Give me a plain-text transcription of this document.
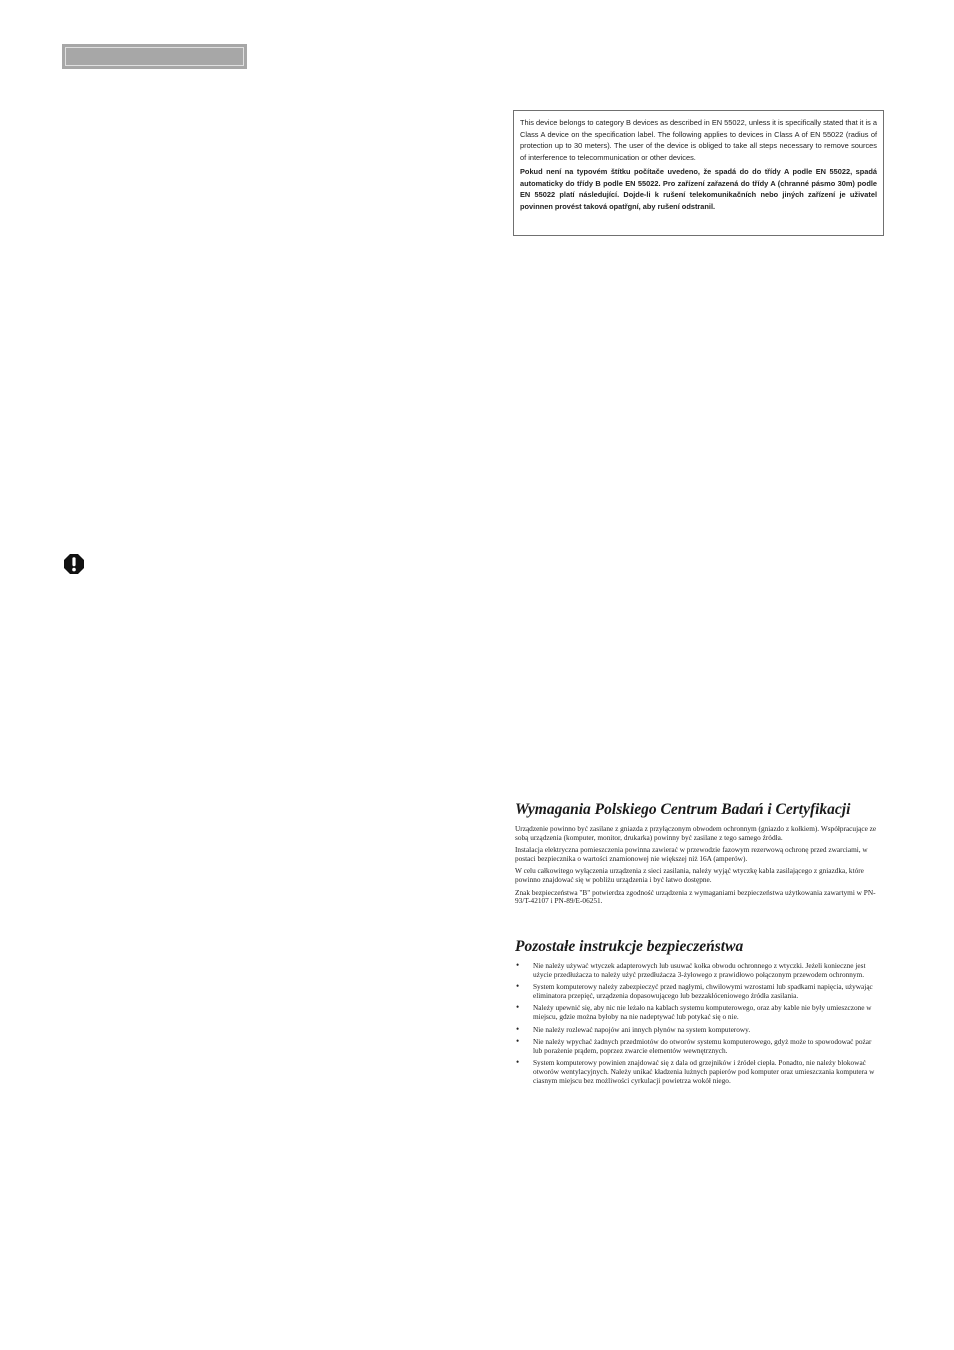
This device belongs to category B devices as described in EN 55022, unless it is specifically stated that it is a Class A device on the specification label. The following applies to devices in Class A of EN 55022 (radius of protection up to 30 meters). The user of the device is obliged to take all steps necessary to remove sources of interference to telecommunication or other devices.

Pokud není na typovém štítku počítače uvedeno, že spadá do do třídy A podle EN 55022, spadá automaticky do třídy B podle EN 55022. Pro zařízení zařazená do třídy A (chranné pásmo 30m) podle EN 55022 platí následující. Dojde-li k rušení telekomunikačních nebo jiných zařízení je uživatel povinnen provést taková opatřgní, aby rušení odstranil.

Wymagania Polskiego Centrum Badań i Certyfikacji

Urządzenie powinno być zasilane z gniazda z przyłączonym obwodem ochronnym (gniazdo z kołkiem). Współpracujące ze sobą urządzenia (komputer, monitor, drukarka) powinny być zasilane z tego samego źródła.

Instalacja elektryczna pomieszczenia powinna zawierać w przewodzie fazowym rezerwową ochronę przed zwarciami, w postaci bezpiecznika o wartości znamionowej nie większej niż 16A (amperów).

W celu całkowitego wyłączenia urządzenia z sieci zasilania, należy wyjąć wtyczkę kabla zasilającego z gniazdka, które powinno znajdować się w pobliżu urządzenia i być łatwo dostępne.

Znak bezpieczeństwa "B" potwierdza zgodność urządzenia z wymaganiami bezpieczeństwa użytkowania zawartymi w PN-93/T-42107 i PN-89/E-06251.

Pozostałe instrukcje bezpieczeństwa
• Nie należy używać wtyczek adapterowych lub usuwać kołka obwodu ochronnego z wtyczki. Jeżeli konieczne jest użycie przedłużacza to należy użyć przedłużacza 3-żyłowego z prawidłowo połączonym przewodem ochronnym.
• System komputerowy należy zabezpieczyć przed nagłymi, chwilowymi wzrostami lub spadkami napięcia, używając eliminatora przepięć, urządzenia dopasowującego lub bezzakłóceniowego źródła zasilania.
• Należy upewnić się, aby nic nie leżało na kablach systemu komputerowego, oraz aby kable nie były umieszczone w miejscu, gdzie można byłoby na nie nadeptywać lub potykać się o nie.
• Nie należy rozlewać napojów ani innych płynów na system komputerowy.
• Nie należy wpychać żadnych przedmiotów do otworów systemu komputerowego, gdyż może to spowodować pożar lub porażenie prądem, poprzez zwarcie elementów wewnętrznych.
• System komputerowy powinien znajdować się z dala od grzejników i źródeł ciepła. Ponadto, nie należy blokować otworów wentylacyjnych. Należy unikać kładzenia lużnych papierów pod komputer oraz umieszczania komputera w ciasnym miejscu bez możliwości cyrkulacji powietrza wokół niego.
